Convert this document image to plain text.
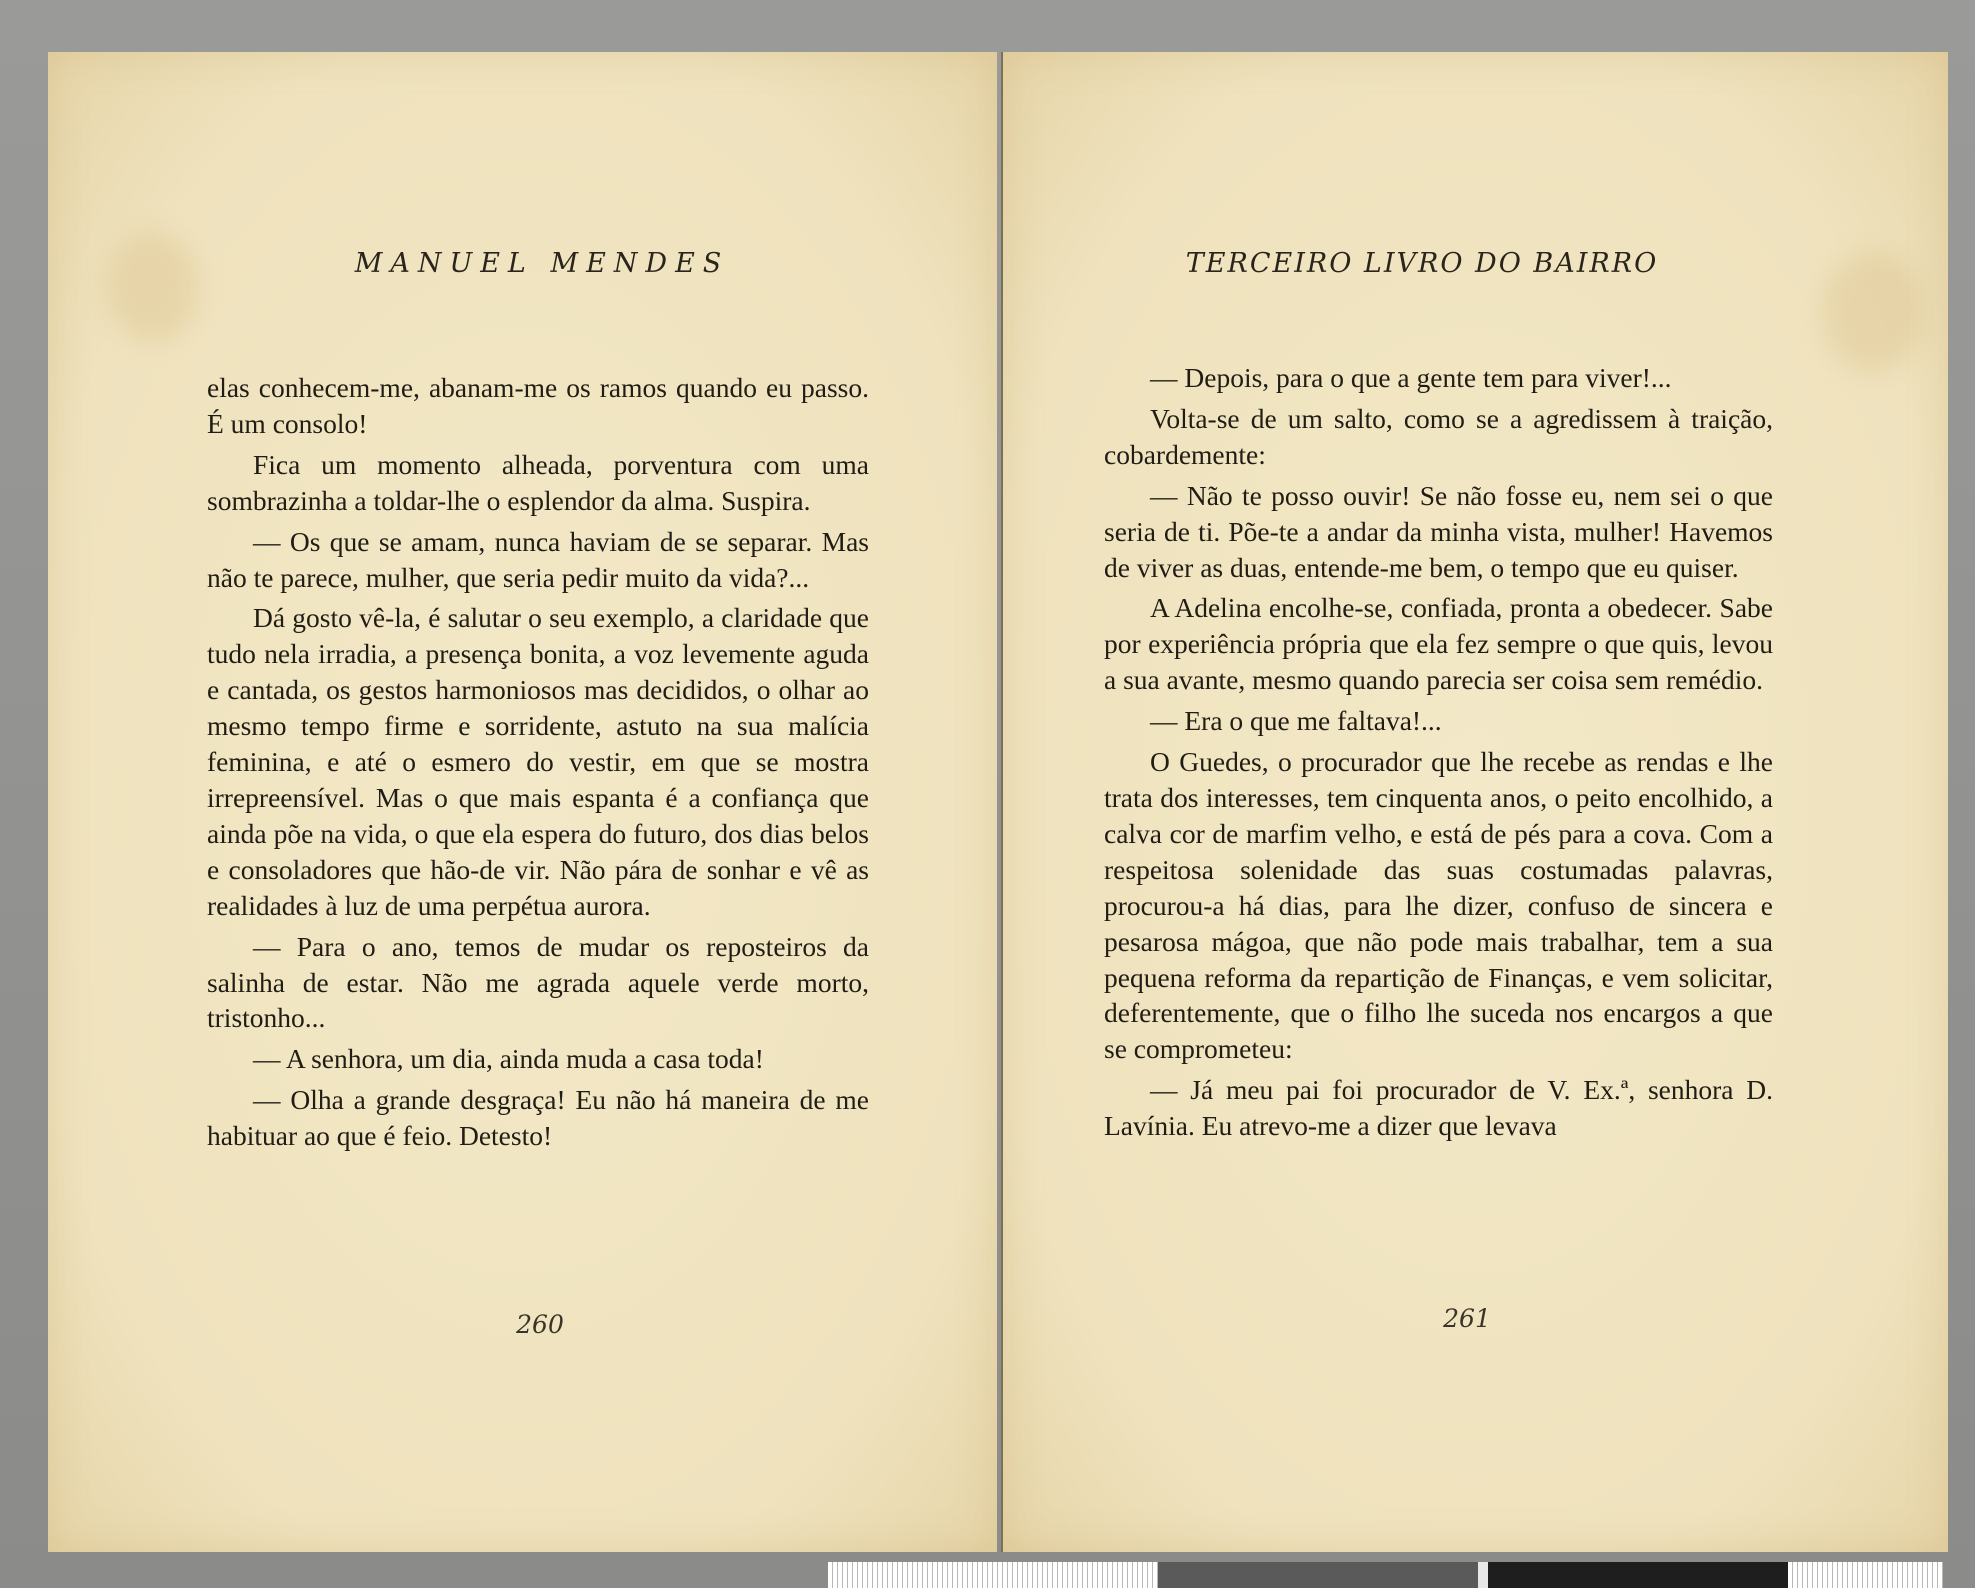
MANUEL MENDES

elas conhecem-me, abanam-me os ramos quando eu passo. É um consolo!

Fica um momento alheada, porventura com uma sombrazinha a toldar-lhe o esplendor da alma. Suspira.

— Os que se amam, nunca haviam de se separar. Mas não te parece, mulher, que seria pedir muito da vida?...

Dá gosto vê-la, é salutar o seu exemplo, a claridade que tudo nela irradia, a presença bonita, a voz levemente aguda e cantada, os gestos harmoniosos mas decididos, o olhar ao mesmo tempo firme e sorridente, astuto na sua malícia feminina, e até o esmero do vestir, em que se mostra irrepreensível. Mas o que mais espanta é a confiança que ainda põe na vida, o que ela espera do futuro, dos dias belos e consoladores que hão-de vir. Não pára de sonhar e vê as realidades à luz de uma perpétua aurora.

— Para o ano, temos de mudar os reposteiros da salinha de estar. Não me agrada aquele verde morto, tristonho...

— A senhora, um dia, ainda muda a casa toda!

— Olha a grande desgraça! Eu não há maneira de me habituar ao que é feio. Detesto!

260
TERCEIRO LIVRO DO BAIRRO

— Depois, para o que a gente tem para viver!...

Volta-se de um salto, como se a agredissem à traição, cobardemente:

— Não te posso ouvir! Se não fosse eu, nem sei o que seria de ti. Põe-te a andar da minha vista, mulher! Havemos de viver as duas, entende-me bem, o tempo que eu quiser.

A Adelina encolhe-se, confiada, pronta a obedecer. Sabe por experiência própria que ela fez sempre o que quis, levou a sua avante, mesmo quando parecia ser coisa sem remédio.

— Era o que me faltava!...

O Guedes, o procurador que lhe recebe as rendas e lhe trata dos interesses, tem cinquenta anos, o peito encolhido, a calva cor de marfim velho, e está de pés para a cova. Com a respeitosa solenidade das suas costumadas palavras, procurou-a há dias, para lhe dizer, confuso de sincera e pesarosa mágoa, que não pode mais trabalhar, tem a sua pequena reforma da repartição de Finanças, e vem solicitar, deferentemente, que o filho lhe suceda nos encargos a que se comprometeu:

— Já meu pai foi procurador de V. Ex.ª, senhora D. Lavínia. Eu atrevo-me a dizer que levava

261
